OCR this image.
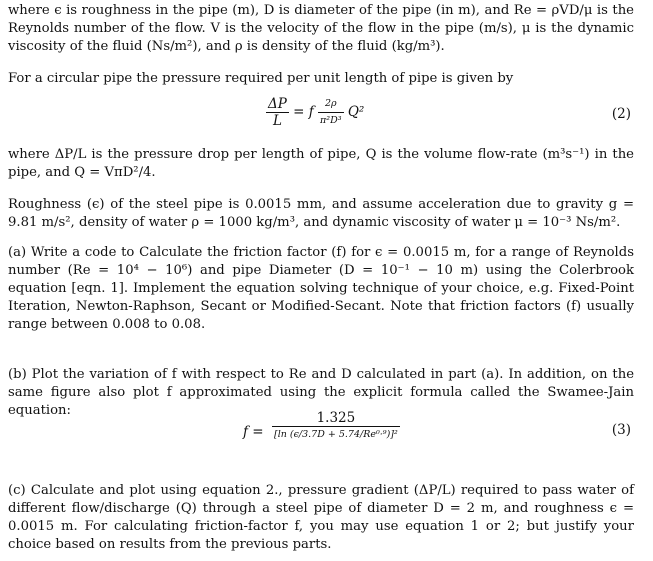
where ϵ is roughness in the pipe (m), D is diameter of the pipe (in m), and Re = ρVD/μ is the Reynolds number of the flow. V is the velocity of the flow in the pipe (m/s), μ is the dynamic viscosity of the fluid (Ns/m²), and ρ is density of the fluid (kg/m³).

For a circular pipe the pressure required per unit length of pipe is given by

$\frac{\Delta P}{L} = f \frac{2\rho}{\text{π²D³}} Q^2$	(2)

where ΔP/L is the pressure drop per length of pipe, Q is the volume flow-rate (m³s⁻¹) in the pipe, and Q = VπD²/4.

Roughness (ϵ) of the steel pipe is 0.0015 mm, and assume acceleration due to gravity g = 9.81 m/s², density of water ρ = 1000 kg/m³, and dynamic viscosity of water μ = 10⁻³ Ns/m².

(a) Write a code to Calculate the friction factor (f) for ϵ = 0.0015 m, for a range of Reynolds number (Re = 10⁴ − 10⁶) and pipe Diameter (D = 10⁻¹ − 10 m) using the Colerbrook equation [eqn. 1]. Implement the equation solving technique of your choice, e.g. Fixed-Point Iteration, Newton-Raphson, Secant or Modified-Secant. Note that friction factors (f) usually range between 0.008 to 0.08.

(b) Plot the variation of f with respect to Re and D calculated in part (a). In addition, on the same figure also plot f approximated using the explicit formula called the Swamee-Jain equation:

$f = \frac{1.325}{\text{[ln (ϵ/3.7D + 5.74/Re⁰·⁹)]²}}$	(3)

(c) Calculate and plot using equation 2., pressure gradient (ΔP/L) required to pass water of different flow/discharge (Q) through a steel pipe of diameter D = 2 m, and roughness ϵ = 0.0015 m. For calculating friction-factor f, you may use equation 1 or 2; but justify your choice based on results from the previous parts.
